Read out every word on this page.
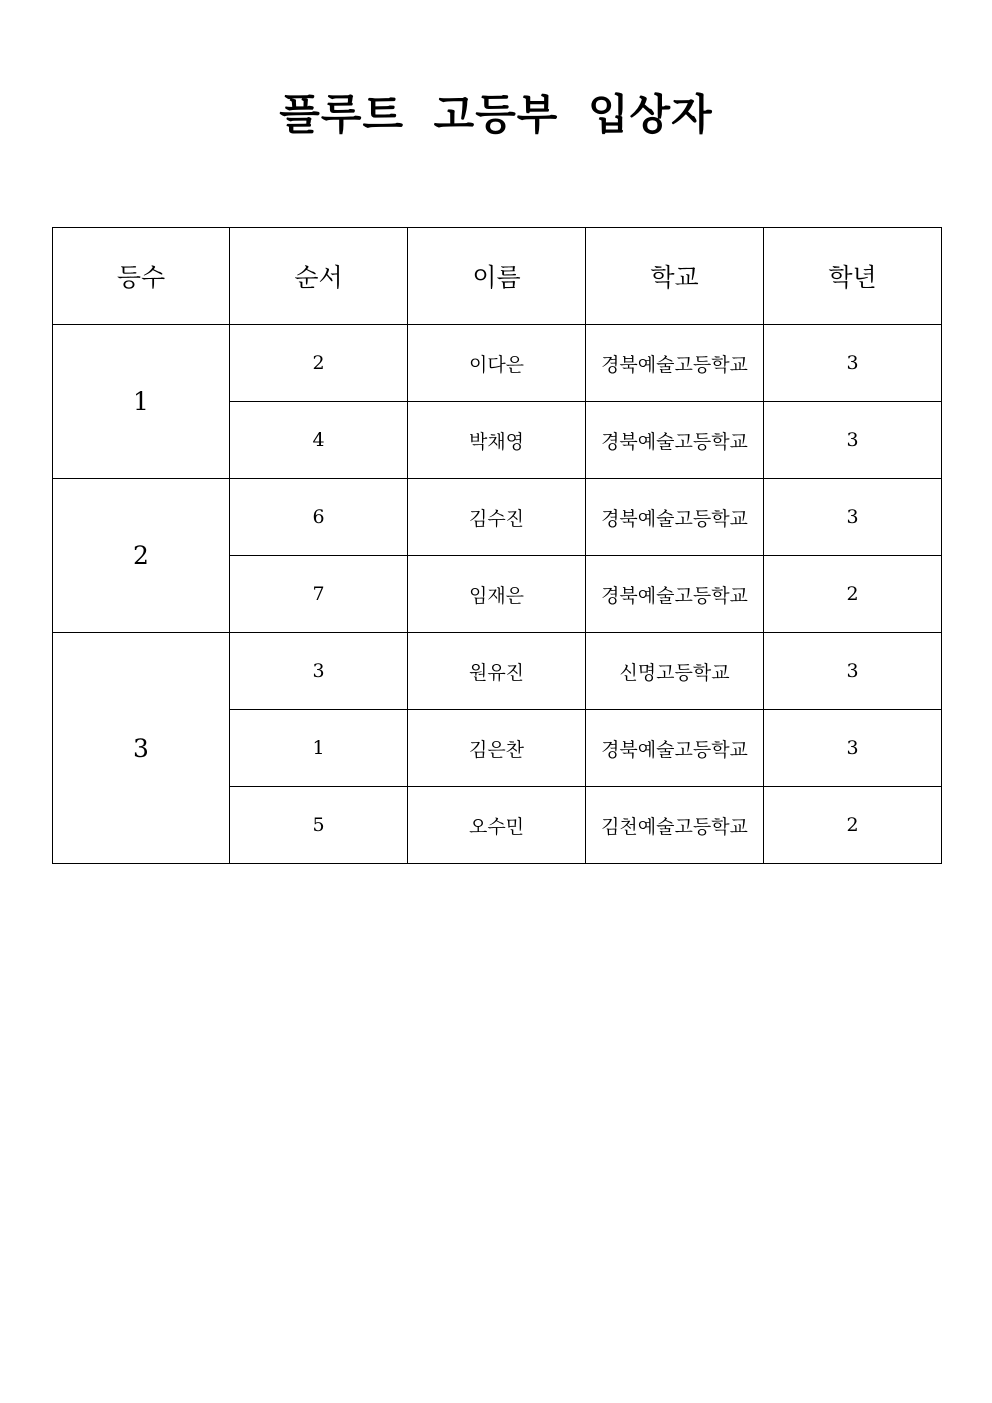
플루트 고등부 입상자
등수	순서	이름	학교	학년
1	2	이다은	경북예술고등학교	3
	4	박채영	경북예술고등학교	3
2	6	김수진	경북예술고등학교	3
	7	임재은	경북예술고등학교	2
3	3	원유진	신명고등학교	3
	1	김은찬	경북예술고등학교	3
	5	오수민	김천예술고등학교	2
